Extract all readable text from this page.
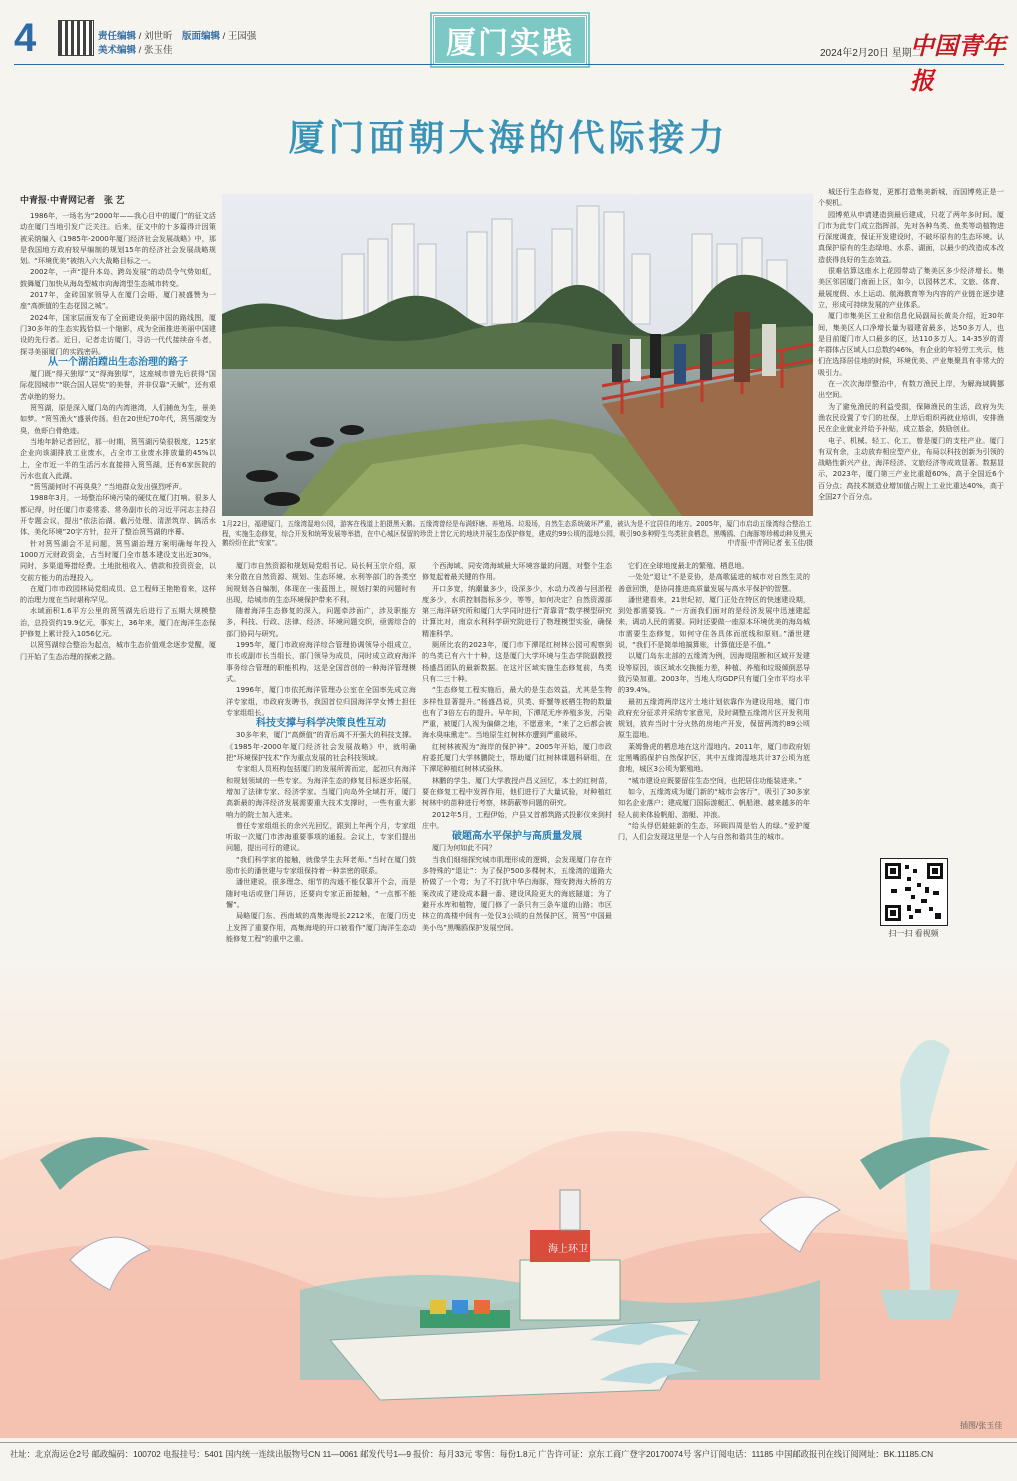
4	责任编辑 / 刘世昕　 版面编辑 / 王园强
美术编辑 / 张玉佳	厦门实践	2024年2月20日 星期二
中国青年报
厦门面朝大海的代际接力
中青报·中青网记者　 张 艺

1986年，一场名为“2000年——我心目中的厦门”的征文活动在厦门当地引发广泛关注。后来，征文中的十多篇得计因策被采纳编入《1985年-2000年厦门经济社会发展战略》中，那是我国地方政府较早编制的规划15年的经济社会发展战略规划。“环境优美”被纳入六大战略目标之一。

2002年，一声“提升本岛、跨岛发展”的动员令气势如虹，鼓舞厦门加快从海岛型城市向海湾型生态城市转变。

2017年，金砖国家领导人在厦门会晤，厦门被盛赞为一座“高颜值的生态花园之城”。

2024年，国家层面发布了全面建设美丽中国的路线图，厦门30多年的生态实践恰似一个缩影，成为全面推进美丽中国建设的先行者。近日，记者走访厦门，寻访一代代接续奋斗者，探寻美丽厦门的实践密码。

从一个湖泊蹚出生态治理的路子

厦门既“得天独厚”又“得海独厚”，这座城市曾先后获得“国际花园城市”“联合国人居奖”的美誉，并非仅靠“天赋”，还有艰苦卓绝的努力。

筼筜湖，原是深入厦门岛的内湾港湾，人们捕鱼为生，景美如梦。“筼筜渔火”盛景传扬。但在20世纪70年代，筼筜湖变为臭，鱼虾白骨绝迹。

当地年龄记者回忆，那一时期，筼筜湖污染很极度，125家企业向该湖排放工业废水，占全市工业废水排放量的45%以上，全市近一半的生活污水直接排入筼筜湖，还有6家医院的污水也直入此湖。

“筼筜湖何时不再臭臭？”当地群众发出强烈呼声。

1988年3月，一场整治环境污染的硬仗在厦门打响。很多人都记得，时任厦门市委常委、常务副市长的习近平同志主持召开专题会议，提出“依法治湖、截污处理、清淤筑岸、搞活水体、美化环境”20字方针，拉开了整治筼筜湖的序幕。

针对筼筜湖会不足问题，筼筜湖治理方案明确每年投入1000万元财政资金，占当时厦门全市基本建设支出近30%，同时，多渠道筹措经费。土地批租收入、借款和投资资金，以交前方能力的治理投入。

在厦门市市政园林局党组成员、总工程师王艳艳看来，这样的治理力度在当时堪称罕见。

水域面积1.6平方公里的筼筜湖先后进行了五期大规模整治，总投资约19.9亿元，事实上，36年来，厦门在海洋生态保护修复上累计投入1056亿元。

以筼筜湖综合整治为起点，城市生态价值观念逐步觉醒，厦门开始了生态治理的探索之路。

1月22日，福建厦门，五缘湾湿地公园，游客在栈道上拍摄黑天鹅。五缘湾曾经是布满虾塘、养殖场、垃圾场，自然生态系统破坏严重，被认为是不宜居住的地方。2005年，厦门市启动五缘湾综合整治工程，实施生态修复，综合开发和统筹发展等举措，在中心城区保留的珍贵上昔亿元的地块并展生态保护修复，建成约99公顷的湿地公园，吸引90多种野生鸟类驻食栖息，黑嘴鸥、白海豚等珍稀动种及黑天鹅纷纷在此“安家”。	中青报·中青网记者 张玉佳/摄

厦门市自然资源和规划局党组书记、局长柯玉宗介绍，原来分散在自然资源、规划、生态环境、水利等部门的各类空间规划各自编制，体现在一张蓝图上，规划打架的问题时有出现，给城市的生态环境保护带来不利。

随着海洋生态修复的深入，问题牵涉面广，涉及职能方多，科技、行政、法律、经济、环境问题交织，亟需综合的部门协同与研究。

1995年，厦门市政府海洋综合管理协调领导小组成立，市长或副市长当组长，部门领导为成员，同时成立政府海洋事务综合管理的职能机构，这是全国首创的一种海洋管理模式。

1996年，厦门市依托海洋管理办公室在全国率先成立海洋专家组，市政府发聘书，我国首位归国海洋学女博士担任专家组组长。

科技支撑与科学决策良性互动

30多年来，厦门“高颜值”的背后离不开强大的科技支撑。《1985年-2000年厦门经济社会发展战略》中，就明确把“环境保护技术”作为重点发展的社会科技领域。

专家组人员班构包括厦门的发展所需而定，起初只有海洋和规划领域的一些专家。为海洋生态的修复目标逐步拓展，增加了法律专家、经济学家。当厦门向岛外全域打开，厦门高新最的海洋经济发展需要重大技术支撑时，一些有重大影响力的院士加入进来。

曾任专家组组长的余兴光回忆，跟到上年两个月，专家组听取一次厦门市涉海重要事项的通报。会议上，专家们提出问题，提出可行的建议。

“我们科学家的接触，就像学生去拜老师。”当时在厦门鼓励市长的潘世建与专家组保持着一种亲密的联系。

潘世建说，很多理念、细节的沟通不能仅靠开个会，而是随时电话或登门拜访，还要向专家正面接触，“一点都不能懈”。

局略厦门东、西南域的高集海堤长2212米，在厦门历史上发挥了重要作用，高集海堤的开口被看作“厦门海洋生态动能修复工程”的重中之重。

个西海域、同安湾海域最大环境容量的问题，对整个生态修复起着最关键的作用。

开口多宽，纳潮量多少，设深多少，水动力改善与回淤程度多少，水质控制指标多少，等等，如何决定？自然资源部第三海洋研究所和厦门大学同时进行“背靠背”数学模型研究计算比对，南京水利科学研究院进行了物理模型实验，确保精准科学。

厕所比农的2023年，厦门市下潭尾红树林公园可观察到的鸟类已有六十十种，这是厦门大学环境与生态学院副教授杨盛昌团队的最新数据。在这片区域实施生态修复前，鸟类只有二三十种。

“生态修复工程实施后，最大的是生态效益，尤其是生物多样性显著提升。”杨盛昌说，贝类、虾蟹等底栖生物的数量也有了3倍左右的提升。早年间，下潭尾无序养殖多发，污染严重，被厦门人视为偏僻之地，不愿意来，“来了之后都会被海水臭味熏走”。当地原生红树林亦遭到严重破坏。

红树林被视为“海岸的保护神”。2005年开始，厦门市政府委托厦门大学林鹏院士，帮助厦门红树林课题科研组，在下潭尾种植红树林试验林。

林鹏的学生、厦门大学教授卢昌义回忆，本土的红树苗，要在修复工程中发挥作用，他们进行了大量试验，对种植红树林中的苗种进行考察，林荫蔽等问题的研究。

2012年5月，工程伊始，户县又首都筑路式投影仪来到村庄中。

破题高水平保护与高质量发展

厦门为何如此不同？

当我们细细探究城市肌理形成的逻辑，会发现厦门存在许多特殊的“退让”：为了保护500多棵树木，五缘湾的道路大桥做了一个弯；为了不打扰中华白海豚，翔安跨海大桥的方案改成了建设成本翻一番、建设风险更大的海底隧道；为了避开水库和植物，厦门修了一条只有三条车道的山路；市区林立的高楼中间有一处仅3公顷的自然保护区，筼筜“中国最美小鸟”黑嘴鸥保护发展空间。

它们在全球地度最北的繁殖、栖息地。

一处处“退让”不是妥协，是高歌猛进的城市对自然生灵的善意回馈，是协同推进高质量发展与高水平保护的智慧。

潘世建看来，21世纪初，厦门正处在特区的快速建设期，到处都需要钱。“一方面我们面对的是经济发展中迅速建起来，调动人民的需要。同时还要做一座原本环境优美的海岛城市需要生态修复，如何守住各具体而底线和原则。”潘世建说，“我们不是简单地搞算账，计算值还是不值。”

以厦门岛东北部的五缘湾为例，因海堤阻断和区域开发建设等原因，该区域水交换能力差，种植、养殖和垃圾倾倒恶导致污染加重。2003年，当地人均GDP只有厦门全市平均水平的39.4%。

最初五缘湾两岸这片土地计划依靠作为建设用地，厦门市政府充分征求并采纳专家意见，及时调整五缘湾片区开发利用规划，放弃当时十分火热的房地产开发，保留两湾约89公顷原生湿地。

莱姆鲁虎的栖息地在这片湿地内。2011年，厦门市政府划定黑嘴鸥保护自然保护区，其中五缘湾湿地共计37公顷为底食地，城区3公顷为繁殖地。

“城市建设应既要留住生态空间，也把居住功能装进来。”

如今，五缘湾成为厦门新的“城市会客厅”，吸引了30多家知名企业落户；建成厦门国际游艇汇、帆船港、越来越多的年轻人前来体验帆船、游艇、冲浪。

“给头俘侣蛙蛙新的生态，环顾四周是怡人的绿。”爱护厦门，人们会发现这里是一个人与自然和谐共生的城市。

城还行生态修复，更都打造集美新城，而国博苑正是一个契机。

园博苑从申请建造到最后建成，只花了两年多时间。厦门市为此专门成立指挥部，先对各种鸟类、鱼类等动植物进行深度调查，保证开发建设时，不破坏原有的生态环境。认真保护原有的生态绿地、水系、湖面，以最少的改造成本改造获得良好的生态效益。

很难估算这座水上花园带动了集美区多少经济增长。集美区邻居厦门南面上区，如今，以园林艺术、文旅、体育、最展度假、水上运动、航海教育等为内容的产业链在逐步建立，形成可持续发展的产业体系。

厦门市集美区工业和信息化局副局长黄炎介绍，近30年间，集美区人口净增长量为福建省最多，达50多万人，也是目前厦门市人口最多的区，达110多万人。14-35岁的青年群体占区域人口总数约46%，有企业的年轻劳工夹示，他们在选择居住地的时候，环境优美、产业集聚具有非常大的吸引力。

在一次次海岸整治中，有数万渔民上岸，为解海域腾挪出空间。

为了避免渔民的利益受损，保障渔民的生活，政府为失渔农民设置了专门的社保，上岸后组织再就业培训，安排渔民在企业就业并给予补贴，成立基金，鼓励创业。

电子、机械、轻工、化工，曾是厦门的支柱产业。厦门有双有余，主动放弃相应型产业，布局以科技创新为引领的战略性新兴产业，海洋经济、文旅经济等成效显著。数据显示，2023年，厦门第三产业比重超60%，高于全国近6个百分点；高技术制造业增加值占规上工业比重达40%，高于全国27个百分点。

扫一扫 看视频
海上环卫
插图/张玉佳
社址：北京海运仓2号 邮政编码：100702 电报挂号：5401 国内统一连续出版物号CN 11—0061 邮发代号1—9 报价：每月33元 零售：每份1.8元 广告许可证：京东工商广登字20170074号 客户订阅电话：11185 中国邮政报刊在线订阅网址：BK.11185.CN
